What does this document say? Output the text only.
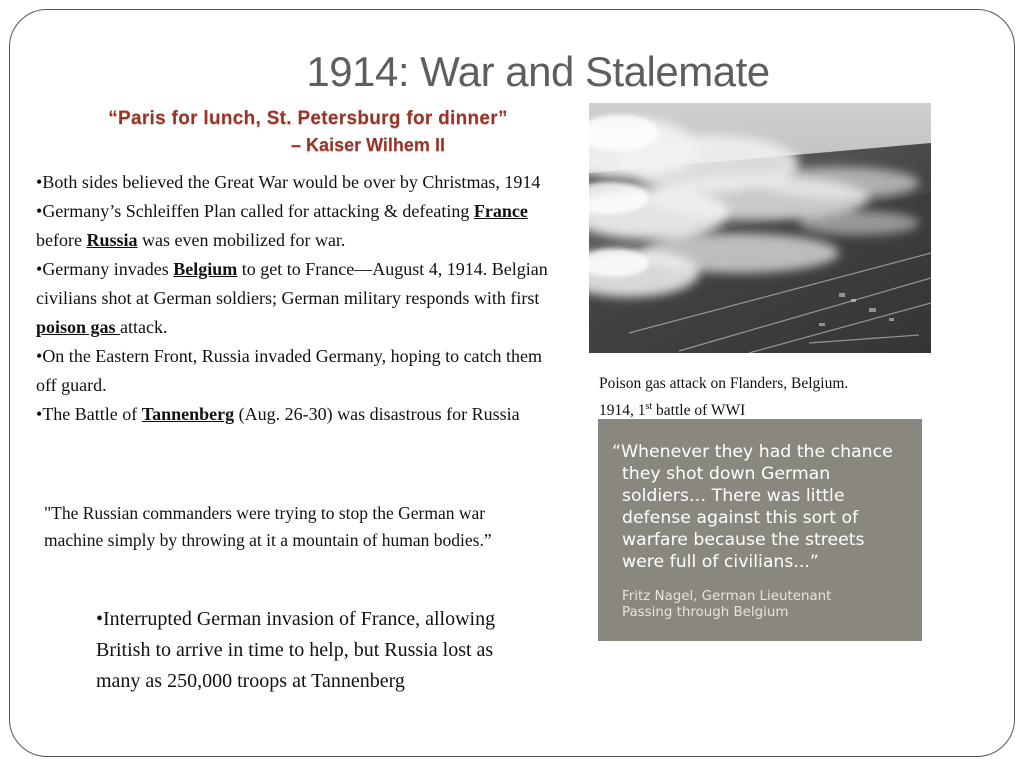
1914: War and Stalemate
“Paris for lunch, St. Petersburg for dinner”
– Kaiser Wilhem II

•Both sides believed the Great War would be over by Christmas, 1914

•Germany’s Schleiffen Plan called for attacking & defeating France before Russia was even mobilized for war.

•Germany invades Belgium to get to France—August 4, 1914. Belgian civilians shot at German soldiers; German military responds with first poison gas attack.

•On the Eastern Front, Russia invaded Germany, hoping to catch them off guard.

•The Battle of Tannenberg (Aug. 26-30) was disastrous for Russia

"The Russian commanders were trying to stop the German war machine simply by throwing at it a mountain of human bodies.”
•Interrupted German invasion of France, allowing British to arrive in time to help, but Russia lost as many as 250,000 troops at Tannenberg
Poison gas attack on Flanders, Belgium.
1914, 1st battle of WWI
“Whenever they had the chance they shot down German soldiers… There was little defense against this sort of warfare because the streets were full of civilians...”
Fritz Nagel, German Lieutenant
Passing through Belgium
